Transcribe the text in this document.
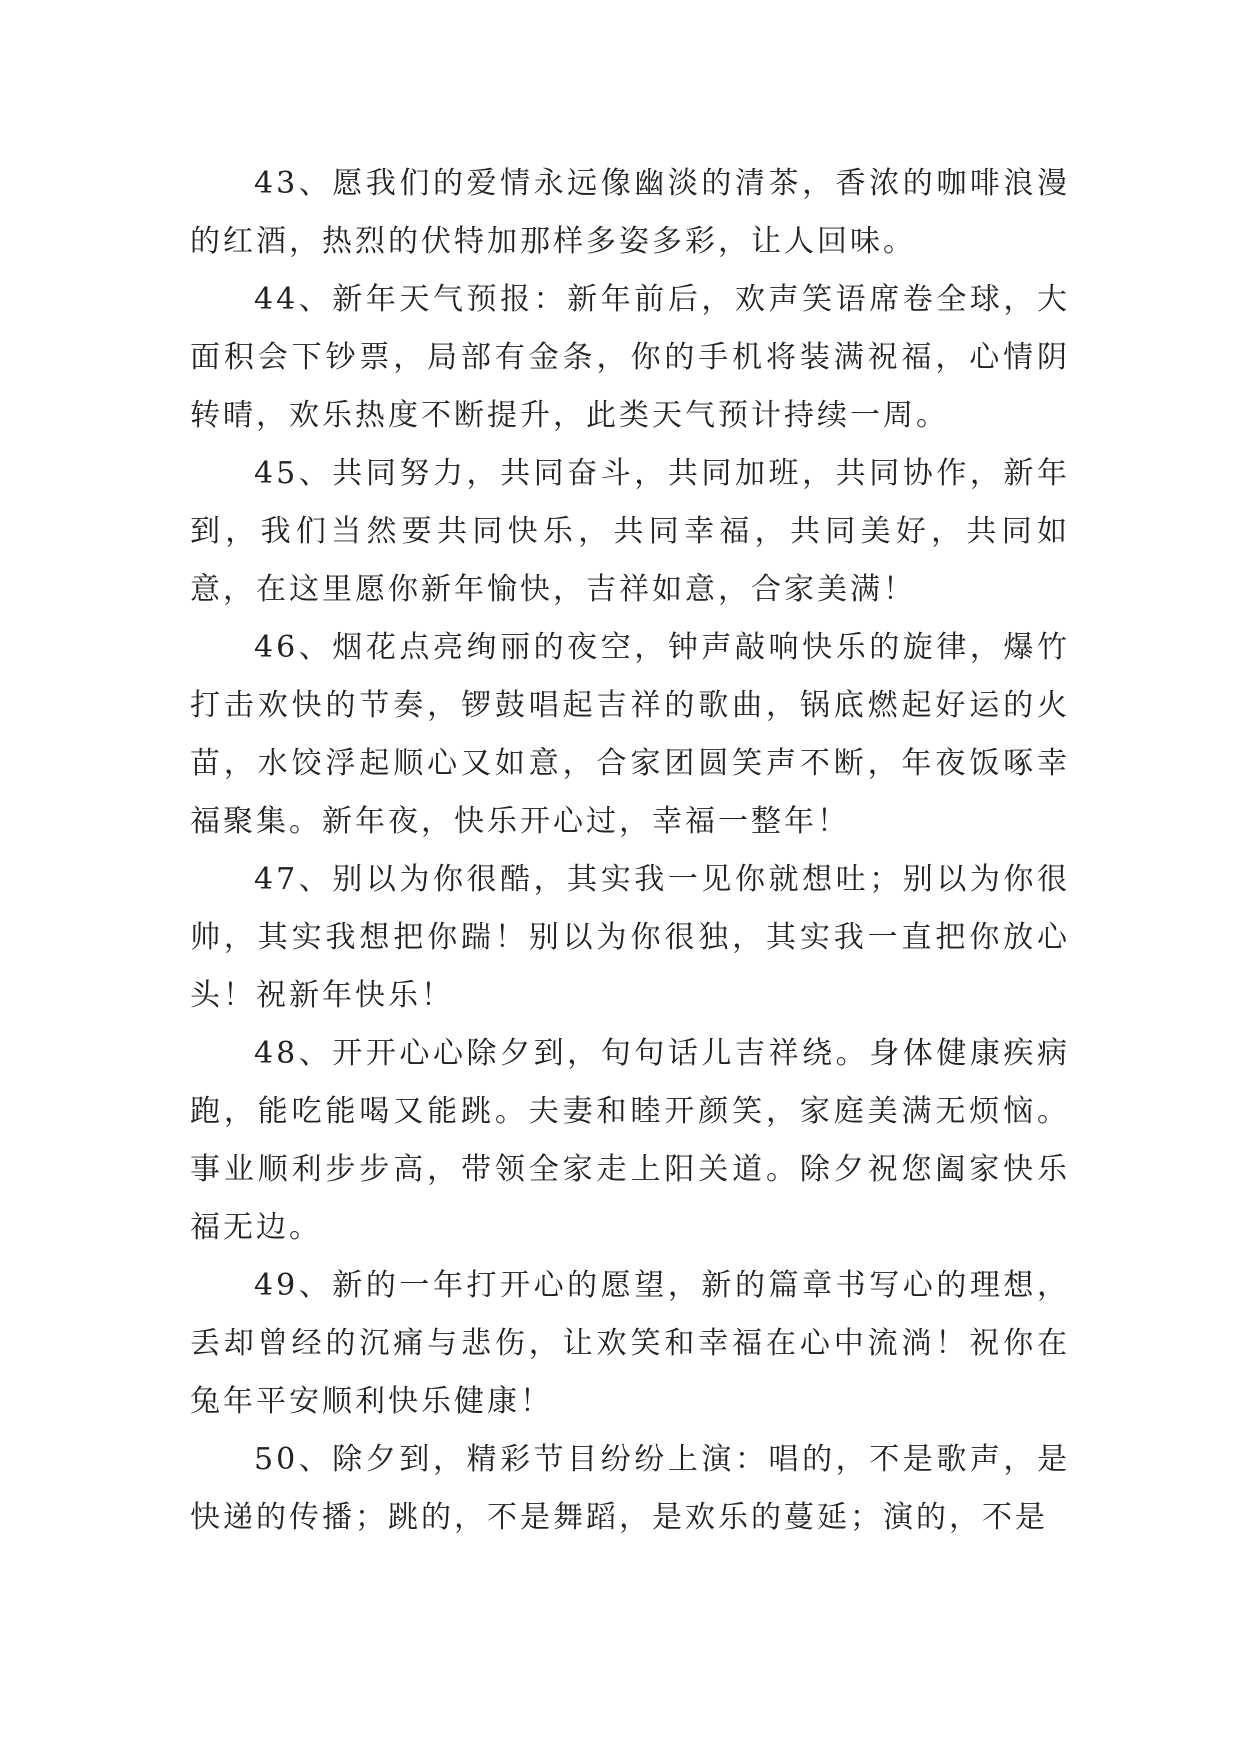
43、愿我们的爱情永远像幽淡的清茶，香浓的咖啡浪漫的红酒，热烈的伏特加那样多姿多彩，让人回味。

44、新年天气预报：新年前后，欢声笑语席卷全球，大面积会下钞票，局部有金条，你的手机将装满祝福，心情阴转晴，欢乐热度不断提升，此类天气预计持续一周。

45、共同努力，共同奋斗，共同加班，共同协作，新年到，我们当然要共同快乐，共同幸福，共同美好，共同如意，在这里愿你新年愉快，吉祥如意，合家美满！

46、烟花点亮绚丽的夜空，钟声敲响快乐的旋律，爆竹打击欢快的节奏，锣鼓唱起吉祥的歌曲，锅底燃起好运的火苗，水饺浮起顺心又如意，合家团圆笑声不断，年夜饭啄幸福聚集。新年夜，快乐开心过，幸福一整年！

47、别以为你很酷，其实我一见你就想吐；别以为你很帅，其实我想把你踹！别以为你很独，其实我一直把你放心头！祝新年快乐！

48、开开心心除夕到，句句话儿吉祥绕。身体健康疾病跑，能吃能喝又能跳。夫妻和睦开颜笑，家庭美满无烦恼。事业顺利步步高，带领全家走上阳关道。除夕祝您阖家快乐福无边。

49、新的一年打开心的愿望，新的篇章书写心的理想，丢却曾经的沉痛与悲伤，让欢笑和幸福在心中流淌！祝你在兔年平安顺利快乐健康！

50、除夕到，精彩节目纷纷上演：唱的，不是歌声，是快递的传播；跳的，不是舞蹈，是欢乐的蔓延；演的，不是
